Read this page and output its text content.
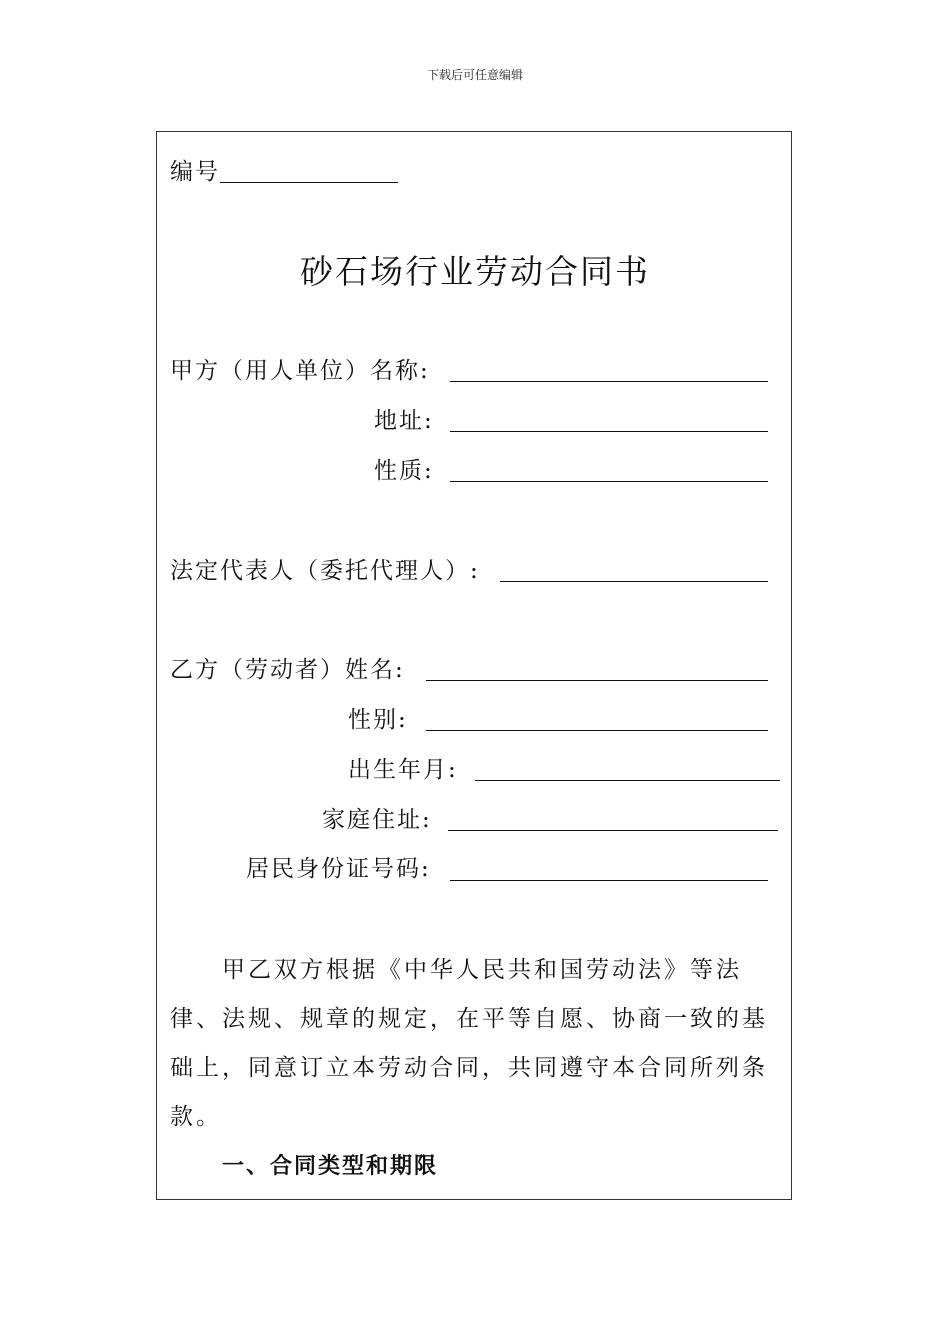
下载后可任意编辑
编号
砂石场行业劳动合同书
甲方（用人单位）名称:
地址:
性质:
法定代表人（委托代理人）:
乙方（劳动者）姓名:
性别:
出生年月:
家庭住址:
居民身份证号码:
甲乙双方根据《中华人民共和国劳动法》等法
律、法规、规章的规定，在平等自愿、协商一致的基
础上，同意订立本劳动合同，共同遵守本合同所列条
款。
一、合同类型和期限
